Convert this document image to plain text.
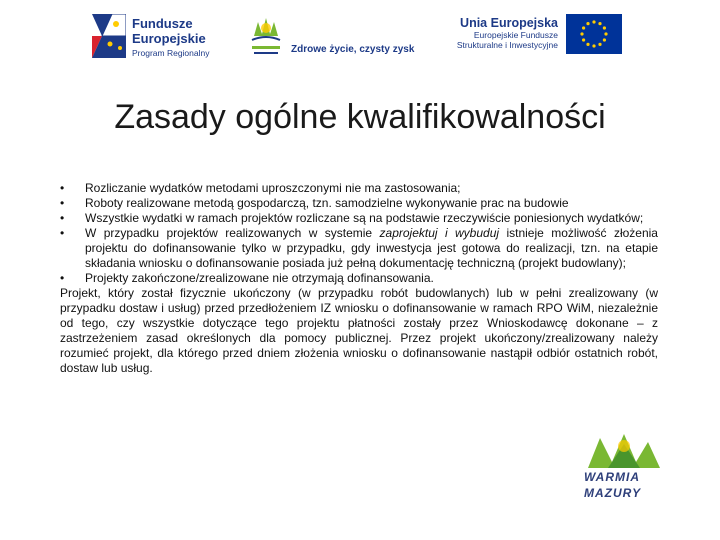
Fundusze
Europejskie
Program Regionalny	Zdrowe życie, czysty zysk
Unia Europejska
Europejskie Fundusze
Strukturalne i Inwestycyjne
Zasady ogólne kwalifikowalności
• Rozliczanie wydatków metodami uproszczonymi nie ma zastosowania;
• Roboty realizowane metodą gospodarczą, tzn. samodzielne wykonywanie prac na budowie
• Wszystkie wydatki w ramach projektów rozliczane są na podstawie rzeczywiście poniesionych wydatków;
• W przypadku projektów realizowanych w systemie zaprojektuj i wybuduj istnieje możliwość złożenia projektu do dofinansowanie tylko w przypadku, gdy inwestycja jest gotowa do realizacji, tzn. na etapie składania wniosku o dofinansowanie posiada już pełną dokumentację techniczną (projekt budowlany);
• Projekty zakończone/zrealizowane nie otrzymają dofinansowania.

Projekt, który został fizycznie ukończony (w przypadku robót budowlanych) lub w pełni zrealizowany (w przypadku dostaw i usług) przed przedłożeniem IZ wniosku o dofinansowanie w ramach RPO WiM, niezależnie od tego, czy wszystkie dotyczące tego projektu płatności zostały przez Wnioskodawcę dokonane – z zastrzeżeniem zasad określonych dla pomocy publicznej. Przez projekt ukończony/zrealizowany należy rozumieć projekt, dla którego przed dniem złożenia wniosku o dofinansowanie nastąpił odbiór ostatnich robót, dostaw lub usług.

WARMIA
MAZURY
